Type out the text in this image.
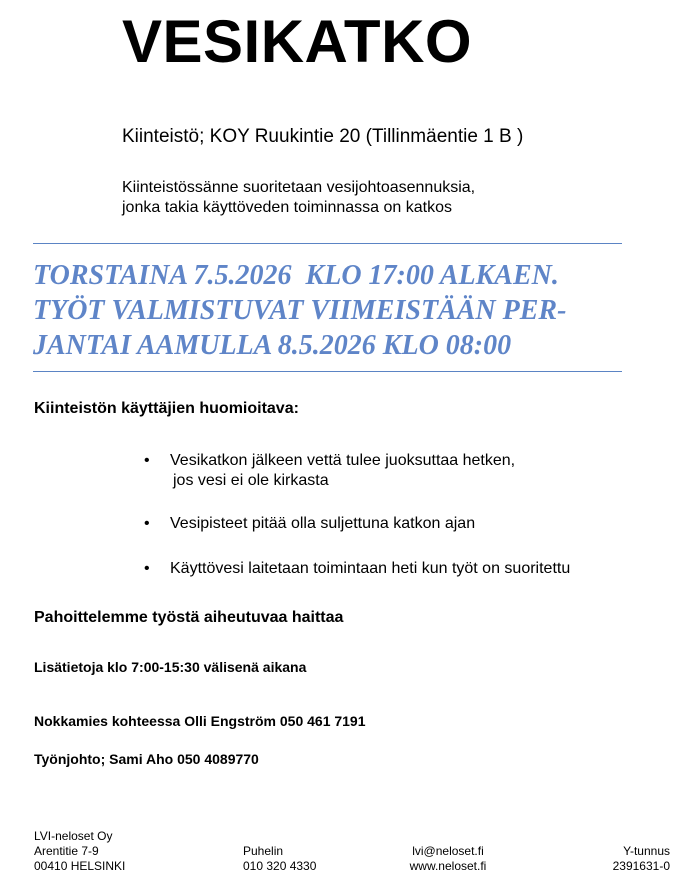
VESIKATKO
Kiinteistö; KOY Ruukintie 20 (Tillinmäentie 1 B )
Kiinteistössänne suoritetaan vesijohtoasennuksia,
jonka takia käyttöveden toiminnassa on katkos
TORSTAINA 7.5.2026  KLO 17:00 ALKAEN.
TYÖT VALMISTUVAT VIIMEISTÄÄN PER-
JANTAI AAMULLA 8.5.2026 KLO 08:00
Kiinteistön käyttäjien huomioitava:
• Vesikatkon jälkeen vettä tulee juoksuttaa hetken,
jos vesi ei ole kirkasta
• Vesipisteet pitää olla suljettuna katkon ajan
• Käyttövesi laitetaan toimintaan heti kun työt on suoritettu
Pahoittelemme työstä aiheutuvaa haittaa
Lisätietoja klo 7:00-15:30 välisenä aikana
Nokkamies kohteessa Olli Engström 050 461 7191
Työnjohto; Sami Aho 050 4089770
LVI-neloset Oy
Arentitie 7-9
00410 HELSINKI
Puhelin
010 320 4330
lvi@neloset.fi
www.neloset.fi
Y-tunnus
2391631-0
